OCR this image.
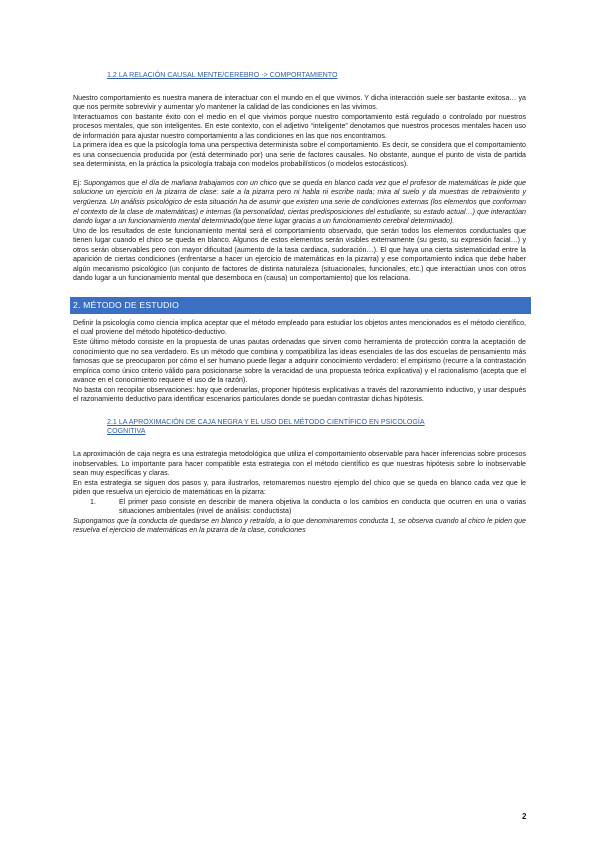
1.2 LA RELACIÓN CAUSAL MENTE/CEREBRO -> COMPORTAMIENTO

Nuestro comportamiento es nuestra manera de interactuar con el mundo en el que vivimos. Y dicha interacción suele ser bastante exitosa… ya que nos permite sobrevivir y aumentar y/o mantener la calidad de las condiciones en las vivimos.

Interactuamos con bastante éxito con el medio en el que vivimos porque nuestro comportamiento está regulado o controlado por nuestros procesos mentales, que son inteligentes. En este contexto, con el adjetivo “inteligente” denotamos que nuestros procesos mentales hacen uso de información para ajustar nuestro comportamiento a las condiciones en las que nos encontramos.

La primera idea es que la psicología toma una perspectiva determinista sobre el comportamiento. Es decir, se considera que el comportamiento es una consecuencia producida por (está determinado por) una serie de factores causales. No obstante, aunque el punto de vista de partida sea determinista, en la práctica la psicología trabaja con modelos probabilísticos (o modelos estocásticos).

Ej: Supongamos que el día de mañana trabajamos con un chico que se queda en blanco cada vez que el profesor de matemáticas le pide que solucione un ejercicio en la pizarra de clase: sale a la pizarra pero ni habla ni escribe nada; mira al suelo y da muestras de retraimiento y vergüenza. Un análisis psicológico de esta situación ha de asumir que existen una serie de condiciones externas (los elementos que conforman el contexto de la clase de matemáticas) e internas (la personalidad, ciertas predisposiciones del estudiante, su estado actual…) que interactúan dando lugar a un funcionamiento mental determinado(que tiene lugar gracias a un funcionamiento cerebral determinado).

Uno de los resultados de este funcionamiento mental será el comportamiento observado, que serán todos los elementos conductuales que tienen lugar cuando el chico se queda en blanco. Algunos de estos elementos serán visibles externamente (su gesto, su expresión facial…) y otros serán observables pero con mayor dificultad (aumento de la tasa cardiaca, sudoración…). El que haya una cierta sistematicidad entre la aparición de ciertas condiciones (enfrentarse a hacer un ejercicio de matemáticas en la pizarra) y ese comportamiento indica que debe haber algún mecanismo psicológico (un conjunto de factores de distinta naturaleza (situacionales, funcionales, etc.) que interactúan unos con otros dando lugar a un funcionamiento mental que desemboca en (causa) un comportamiento) que los relaciona.

2. MÉTODO DE ESTUDIO

Definir la psicología como ciencia implica aceptar que el método empleado para estudiar los objetos antes mencionados es el método científico, el cual proviene del método hipotético-deductivo.

Este último método consiste en la propuesta de unas pautas ordenadas que sirven como herramienta de protección contra la aceptación de conocimiento que no sea verdadero. Es un método que combina y compatibiliza las ideas esenciales de las dos escuelas de pensamiento más famosas que se preocuparon por cómo el ser humano puede llegar a adquirir conocimiento verdadero: el empirismo (recurre a la contrastación empírica como único criterio válido para posicionarse sobre la veracidad de una propuesta teórica explicativa) y el racionalismo (acepta que el avance en el conocimiento requiere el uso de la razón).

No basta con recopilar observaciones: hay que ordenarlas, proponer hipótesis explicativas a través del razonamiento inductivo, y usar después el razonamiento deductivo para identificar escenarios particulares donde se puedan contrastar dichas hipótesis.

2.1 LA APROXIMACIÓN DE CAJA NEGRA Y EL USO DEL MÉTODO CIENTÍFICO EN PSICOLOGÍA
COGNITIVA

La aproximación de caja negra es una estrategia metodológica que utiliza el comportamiento observable para hacer inferencias sobre procesos inobservables. Lo importante para hacer compatible esta estrategia con el método científico es que nuestras hipótesis sobre lo inobservable sean muy específicas y claras.

En esta estrategia se siguen dos pasos y, para ilustrarlos, retomaremos nuestro ejemplo del chico que se queda en blanco cada vez que le piden que resuelva un ejercicio de matemáticas en la pizarra:

1.	El primer paso consiste en describir de manera objetiva la conducta o los cambios en conducta que ocurren en una o varias situaciones ambientales (nivel de análisis: conductista)

Supongamos que la conducta de quedarse en blanco y retraído, a lo que denominaremos conducta 1, se observa cuando al chico le piden que resuelva el ejercicio de matemáticas en la pizarra de la clase, condiciones

2
